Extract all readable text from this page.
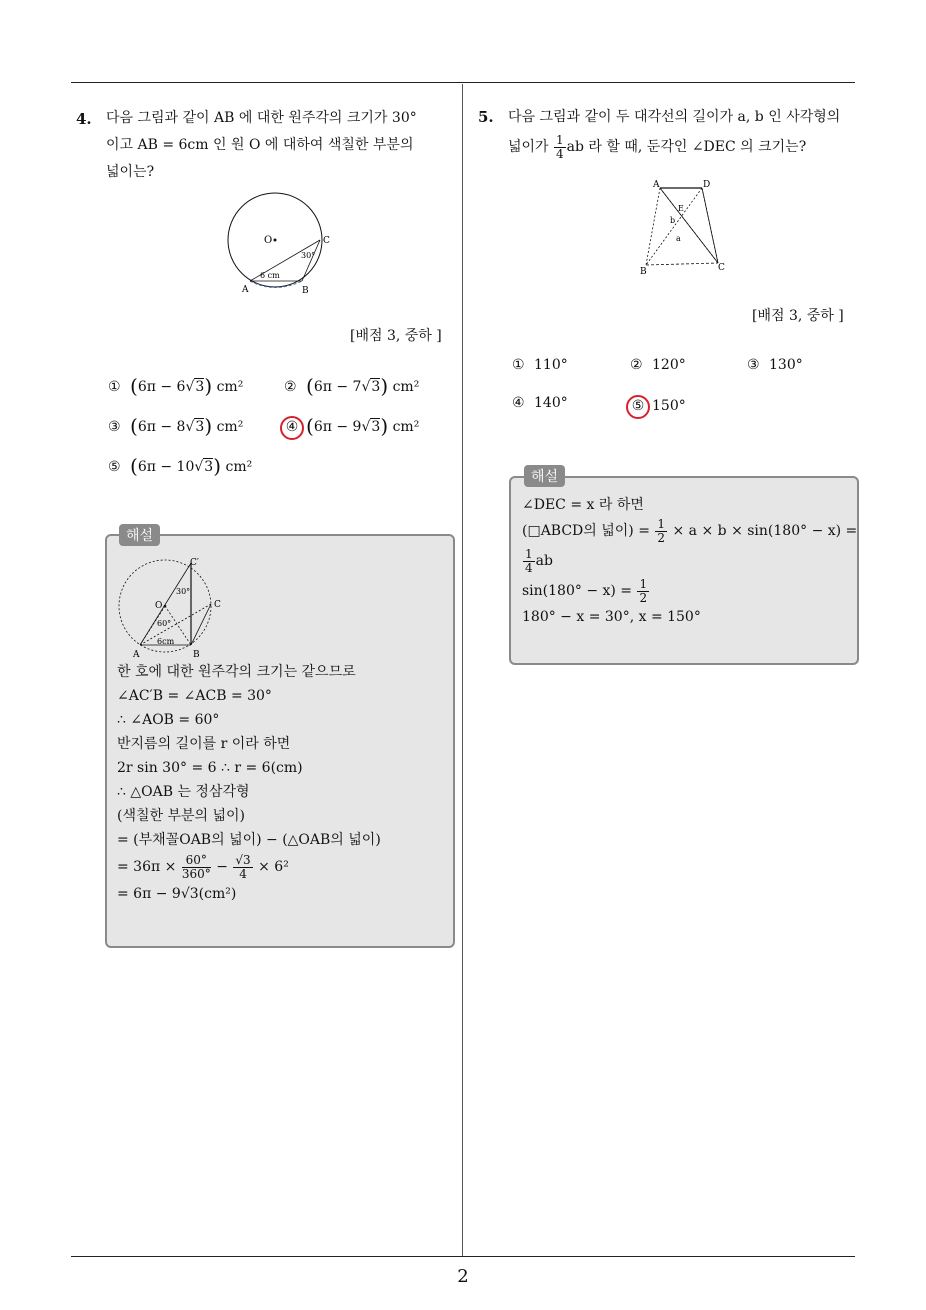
2
4. 다음 그림과 같이 AB 에 대한 원주각의 크기가 30°
이고 AB = 6cm 인 원 O 에 대하여 색칠한 부분의
넓이는?
O	C
A	B
30°
6 cm
[배점 3, 중하 ]
① (6π − 6√3) cm²	② (6π − 7√3) cm²
③ (6π − 8√3) cm²	④ (6π − 9√3) cm²
⑤ (6π − 10√3) cm²
해설
C′
C
O
A	B
30°
60°
6cm
한 호에 대한 원주각의 크기는 같으므로
∠AC′B = ∠ACB = 30°
∴ ∠AOB = 60°
반지름의 길이를 r 이라 하면
2r sin 30° = 6 ∴ r = 6(cm)
∴ △OAB 는 정삼각형
(색칠한 부분의 넓이)
= (부채꼴OAB의 넓이) − (△OAB의 넓이)
= $36\pi \times \frac{60^\circ}{360^\circ} - \frac{√3}{4} \times 6^2$
= 6π − 9√3(cm²)
5. 다음 그림과 같이 두 대각선의 길이가 a, b 인 사각형의
넓이가 $\frac{1}{4}$ ab 라 할 때, 둔각인 ∠DEC 의 크기는?
A	D
E
b
a
B	C
[배점 3, 중하 ]
① 110°	② 120°	③ 130°
④ 140°	⑤ 150°
해설
∠DEC = x 라 하면
(□ABCD의 넓이) = $\frac{1}{2} \times a \times b \times \sin(180^\circ - x)$ =
$\frac{1}{4}$ ab
$\sin(180^\circ - x) = \frac{1}{2}$
180° − x = 30°, x = 150°
